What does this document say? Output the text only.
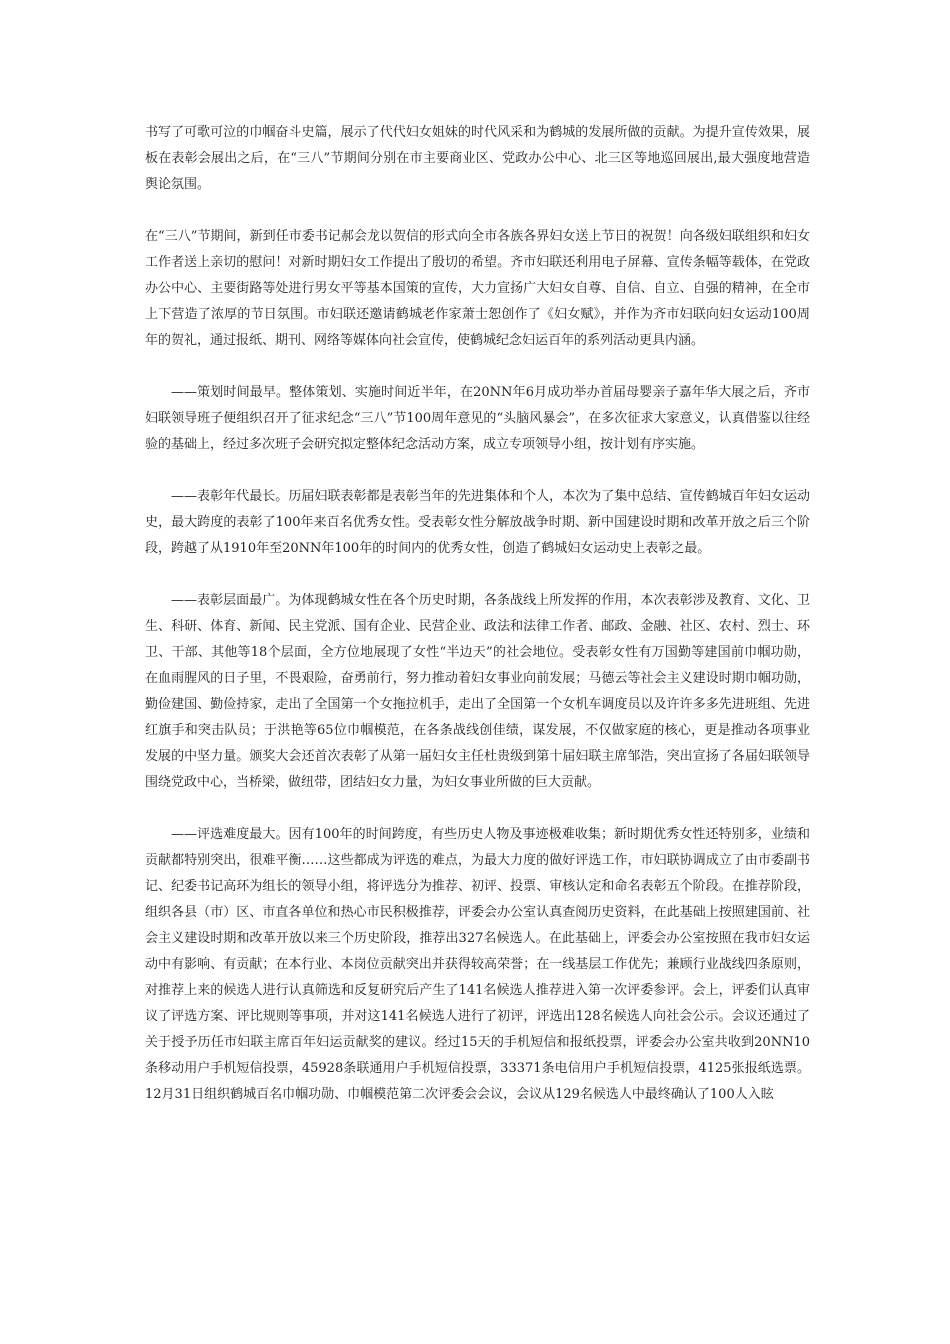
书写了可歌可泣的巾帼奋斗史篇，展示了代代妇女姐妹的时代风采和为鹤城的发展所做的贡献。为提升宣传效果，展板在表彰会展出之后，在“三八”节期间分别在市主要商业区、党政办公中心、北三区等地巡回展出,最大强度地营造舆论氛围。

在“三八”节期间，新到任市委书记郝会龙以贺信的形式向全市各族各界妇女送上节日的祝贺！向各级妇联组织和妇女工作者送上亲切的慰问！对新时期妇女工作提出了殷切的希望。齐市妇联还利用电子屏幕、宣传条幅等载体，在党政办公中心、主要街路等处进行男女平等基本国策的宣传，大力宣扬广大妇女自尊、自信、自立、自强的精神，在全市上下营造了浓厚的节日氛围。市妇联还邀请鹤城老作家萧士恕创作了《妇女赋》，并作为齐市妇联向妇女运动100周年的贺礼，通过报纸、期刊、网络等媒体向社会宣传，使鹤城纪念妇运百年的系列活动更具内涵。

——策划时间最早。整体策划、实施时间近半年，在20NN年6月成功举办首届母婴亲子嘉年华大展之后，齐市妇联领导班子便组织召开了征求纪念“三八”节100周年意见的“头脑风暴会”，在多次征求大家意义，认真借鉴以往经验的基础上，经过多次班子会研究拟定整体纪念活动方案，成立专项领导小组，按计划有序实施。

——表彰年代最长。历届妇联表彰都是表彰当年的先进集体和个人，本次为了集中总结、宣传鹤城百年妇女运动史，最大跨度的表彰了100年来百名优秀女性。受表彰女性分解放战争时期、新中国建设时期和改革开放之后三个阶段，跨越了从1910年至20NN年100年的时间内的优秀女性，创造了鹤城妇女运动史上表彰之最。

——表彰层面最广。为体现鹤城女性在各个历史时期，各条战线上所发挥的作用，本次表彰涉及教育、文化、卫生、科研、体育、新闻、民主党派、国有企业、民营企业、政法和法律工作者、邮政、金融、社区、农村、烈士、环卫、干部、其他等18个层面，全方位地展现了女性“半边天”的社会地位。受表彰女性有万国勤等建国前巾帼功勋，在血雨腥风的日子里，不畏艰险，奋勇前行，努力推动着妇女事业向前发展；马德云等社会主义建设时期巾帼功勋，勤俭建国、勤俭持家，走出了全国第一个女拖拉机手，走出了全国第一个女机车调度员以及许许多多先进班组、先进红旗手和突击队员；于洪艳等65位巾帼模范，在各条战线创佳绩，谋发展，不仅做家庭的核心，更是推动各项事业发展的中坚力量。颁奖大会还首次表彰了从第一届妇女主任杜贵级到第十届妇联主席邹浩，突出宣扬了各届妇联领导围绕党政中心，当桥梁，做纽带，团结妇女力量，为妇女事业所做的巨大贡献。

——评选难度最大。因有100年的时间跨度，有些历史人物及事迹极难收集；新时期优秀女性还特别多，业绩和贡献都特别突出，很难平衡……这些都成为评选的难点，为最大力度的做好评选工作，市妇联协调成立了由市委副书记、纪委书记高环为组长的领导小组，将评选分为推荐、初评、投票、审核认定和命名表彰五个阶段。在推荐阶段，组织各县（市）区、市直各单位和热心市民积极推荐，评委会办公室认真查阅历史资料，在此基础上按照建国前、社会主义建设时期和改革开放以来三个历史阶段，推荐出327名候选人。在此基础上，评委会办公室按照在我市妇女运动中有影响、有贡献；在本行业、本岗位贡献突出并获得较高荣誉；在一线基层工作优先；兼顾行业战线四条原则，对推荐上来的候选人进行认真筛选和反复研究后产生了141名候选人推荐进入第一次评委参评。会上，评委们认真审议了评选方案、评比规则等事项，并对这141名候选人进行了初评，评选出128名候选人向社会公示。会议还通过了关于授予历任市妇联主席百年妇运贡献奖的建议。经过15天的手机短信和报纸投票，评委会办公室共收到20NN10条移动用户手机短信投票，45928条联通用户手机短信投票，33371条电信用户手机短信投票，4125张报纸选票。12月31日组织鹤城百名巾帼功勋、巾帼模范第二次评委会会议，会议从129名候选人中最终确认了100人入眩
